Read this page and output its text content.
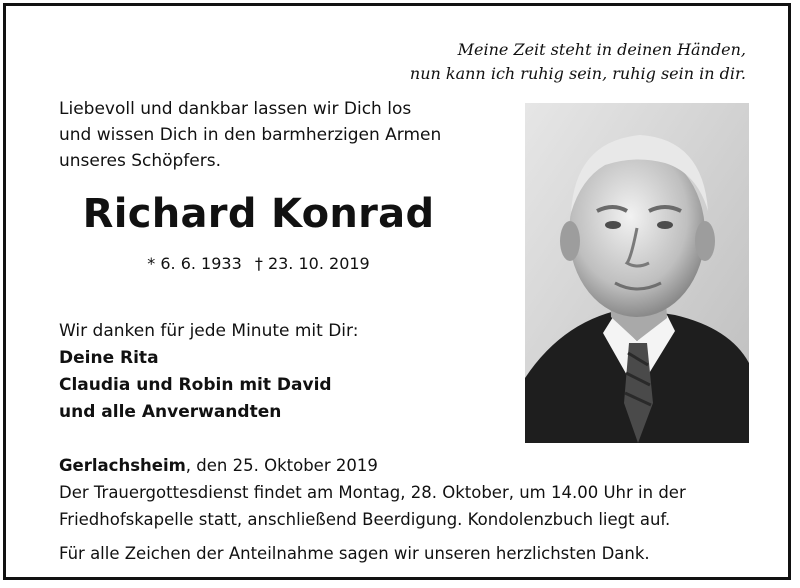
Meine Zeit steht in deinen Händen,
nun kann ich ruhig sein, ruhig sein in dir.
Liebevoll und dankbar lassen wir Dich los
und wissen Dich in den barmherzigen Armen
unseres Schöpfers.
Richard Konrad
* 6. 6. 1933 † 23. 10. 2019
Wir danken für jede Minute mit Dir:
Deine Rita
Claudia und Robin mit David
und alle Anverwandten
Gerlachsheim, den 25. Oktober 2019
Der Trauergottesdienst findet am Montag, 28. Oktober, um 14.00 Uhr in der
Friedhofskapelle statt, anschließend Beerdigung. Kondolenzbuch liegt auf.
Für alle Zeichen der Anteilnahme sagen wir unseren herzlichsten Dank.
